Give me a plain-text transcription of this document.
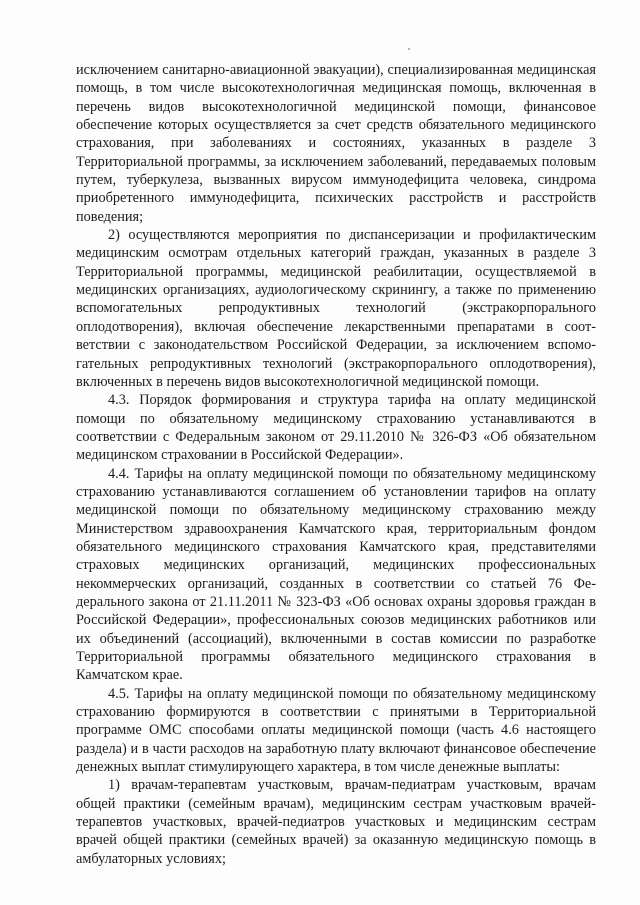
исключением санитарно-авиационной эвакуации), специализированная медицинская помощь, в том числе высокотехнологичная медицинская помощь, включенная в перечень видов высокотехнологичной медицинской помощи, финансовое обеспечение которых осуществляется за счет средств обязательного медицинского страхования, при заболеваниях и состояниях, указанных в разделе 3 Территориальной программы, за исключением заболеваний, передаваемых половым путем, туберкулеза, вызванных вирусом иммунодефицита человека, синдрома приобретенного иммунодефицита, психических расстройств и расстройств поведения;

2) осуществляются мероприятия по диспансеризации и профилактическим медицинским осмотрам отдельных категорий граждан, указанных в разделе 3 Территориальной программы, медицинской реабилитации, осуществляемой в медицинских организациях, аудиологическому скринингу, а также по применению вспомогательных репродуктивных технологий (экстракорпорального оплодотворения), включая обеспечение лекарственными препаратами в соответствии с законодательством Российской Федерации, за исключением вспомогательных репродуктивных технологий (экстракорпорального оплодотворения), включенных в перечень видов высокотехнологичной медицинской помощи.

4.3. Порядок формирования и структура тарифа на оплату медицинской помощи по обязательному медицинскому страхованию устанавливаются в соответствии с Федеральным законом от 29.11.2010 № 326-ФЗ «Об обязательном медицинском страховании в Российской Федерации».

4.4. Тарифы на оплату медицинской помощи по обязательному медицинскому страхованию устанавливаются соглашением об установлении тарифов на оплату медицинской помощи по обязательному медицинскому страхованию между Министерством здравоохранения Камчатского края, территориальным фондом обязательного медицинского страхования Камчатского края, представителями страховых медицинских организаций, медицинских профессиональных некоммерческих организаций, созданных в соответствии со статьей 76 Федерального закона от 21.11.2011 № 323-ФЗ «Об основах охраны здоровья граждан в Российской Федерации», профессиональных союзов медицинских работников или их объединений (ассоциаций), включенными в состав комиссии по разработке Территориальной программы обязательного медицинского страхования в Камчатском крае.

4.5. Тарифы на оплату медицинской помощи по обязательному медицинскому страхованию формируются в соответствии с принятыми в Территориальной программе ОМС способами оплаты медицинской помощи (часть 4.6 настоящего раздела) и в части расходов на заработную плату включают финансовое обеспечение денежных выплат стимулирующего характера, в том числе денежные выплаты:

1) врачам-терапевтам участковым, врачам-педиатрам участковым, врачам общей практики (семейным врачам), медицинским сестрам участковым врачей-терапевтов участковых, врачей-педиатров участковых и медицинским сестрам врачей общей практики (семейных врачей) за оказанную медицинскую помощь в амбулаторных условиях;
